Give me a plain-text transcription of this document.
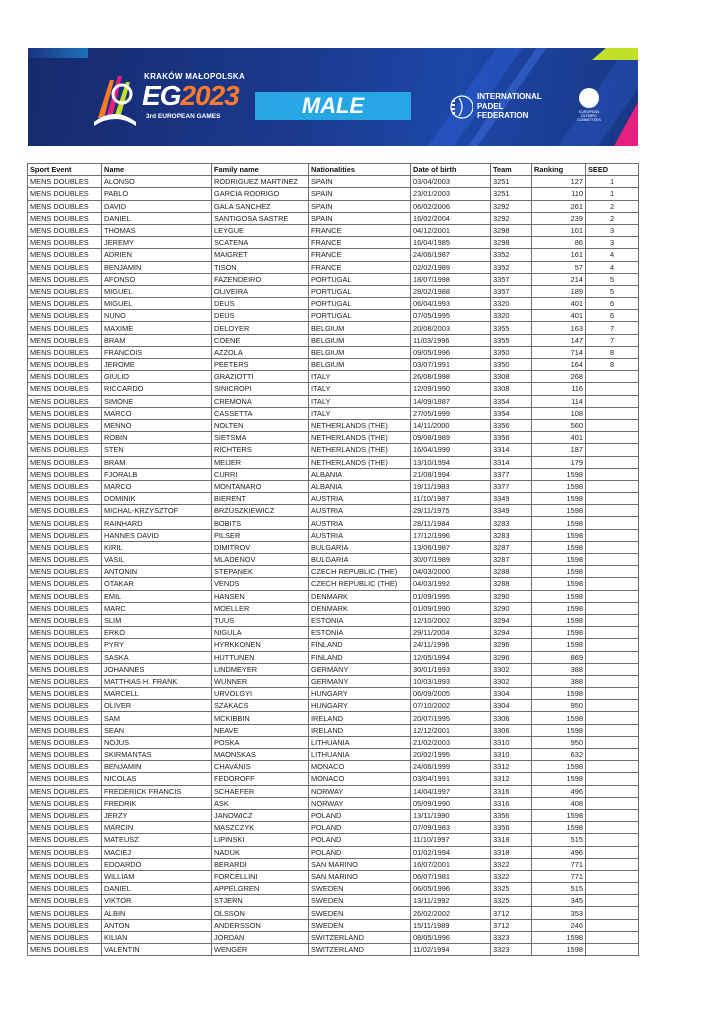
KRAKÓW MAŁOPOLSKA
EG2023
3rd EUROPEAN GAMES	MALE	INTERNATIONAL
PADEL
FEDERATION	EUROPEAN
OLYMPIC
COMMITTEES
Sport Event	Name	Family name	Nationalities	Date of birth	Team	Ranking	SEED
MENS DOUBLES	ALONSO	RODRIGUEZ MARTINEZ	SPAIN	03/04/2003	3251	127	1
MENS DOUBLES	PABLO	GARCIA RODRIGO	SPAIN	23/01/2003	3251	110	1
MENS DOUBLES	DAVID	GALA SANCHEZ	SPAIN	06/02/2006	3292	261	2
MENS DOUBLES	DANIEL	SANTIGOSA SASTRE	SPAIN	16/02/2004	3292	239	2
MENS DOUBLES	THOMAS	LEYGUE	FRANCE	04/12/2001	3298	101	3
MENS DOUBLES	JEREMY	SCATENA	FRANCE	16/04/1985	3298	86	3
MENS DOUBLES	ADRIEN	MAIGRET	FRANCE	24/06/1987	3352	161	4
MENS DOUBLES	BENJAMIN	TISON	FRANCE	02/02/1989	3352	57	4
MENS DOUBLES	AFONSO	FAZENDEIRO	PORTUGAL	18/07/1998	3357	214	5
MENS DOUBLES	MIGUEL	OLIVEIRA	PORTUGAL	28/02/1988	3357	189	5
MENS DOUBLES	MIGUEL	DEUS	PORTUGAL	06/04/1993	3320	401	6
MENS DOUBLES	NUNO	DEUS	PORTUGAL	07/05/1995	3320	401	6
MENS DOUBLES	MAXIME	DELOYER	BELGIUM	20/08/2003	3355	163	7
MENS DOUBLES	BRAM	COENE	BELGIUM	11/03/1996	3355	147	7
MENS DOUBLES	FRANCOIS	AZZOLA	BELGIUM	09/05/1996	3350	714	8
MENS DOUBLES	JEROME	PEETERS	BELGIUM	03/07/1991	3350	164	8
MENS DOUBLES	GIULIO	GRAZIOTTI	ITALY	26/08/1998	3308	268	
MENS DOUBLES	RICCARDO	SINICROPI	ITALY	12/09/1990	3308	116	
MENS DOUBLES	SIMONE	CREMONA	ITALY	14/09/1987	3354	114	
MENS DOUBLES	MARCO	CASSETTA	ITALY	27/05/1999	3354	108	
MENS DOUBLES	MENNO	NOLTEN	NETHERLANDS (THE)	14/11/2000	3356	560	
MENS DOUBLES	ROBIN	SIETSMA	NETHERLANDS (THE)	09/08/1989	3356	401	
MENS DOUBLES	STEN	RICHTERS	NETHERLANDS (THE)	16/04/1999	3314	187	
MENS DOUBLES	BRAM	MEIJER	NETHERLANDS (THE)	13/10/1994	3314	179	
MENS DOUBLES	FJORALB	CURRI	ALBANIA	21/08/1994	3377	1598	
MENS DOUBLES	MARCO	MONTANARO	ALBANIA	19/11/1983	3377	1598	
MENS DOUBLES	DOMINIK	BIERENT	AUSTRIA	11/10/1987	3349	1598	
MENS DOUBLES	MICHAL-KRZYSZTOF	BRZUSZKIEWICZ	AUSTRIA	29/11/1975	3349	1598	
MENS DOUBLES	RAINHARD	BOBITS	AUSTRIA	28/11/1984	3283	1598	
MENS DOUBLES	HANNES DAVID	PILSER	AUSTRIA	17/12/1996	3283	1598	
MENS DOUBLES	KIRIL	DIMITROV	BULGARIA	13/06/1987	3287	1598	
MENS DOUBLES	VASIL	MLADENOV	BULGARIA	30/07/1989	3287	1598	
MENS DOUBLES	ANTONIN	STEPANEK	CZECH REPUBLIC (THE)	04/03/2000	3288	1598	
MENS DOUBLES	OTAKAR	VENDS	CZECH REPUBLIC (THE)	04/03/1992	3288	1598	
MENS DOUBLES	EMIL	HANSEN	DENMARK	01/09/1995	3290	1598	
MENS DOUBLES	MARC	MOELLER	DENMARK	01/09/1990	3290	1598	
MENS DOUBLES	SLIM	TUUS	ESTONIA	12/10/2002	3294	1598	
MENS DOUBLES	ERKO	NIGULA	ESTONIA	29/11/2004	3294	1598	
MENS DOUBLES	PYRY	HYRKKONEN	FINLAND	24/11/1996	3296	1598	
MENS DOUBLES	SASKA	HUTTUNEN	FINLAND	12/05/1994	3296	869	
MENS DOUBLES	JOHANNES	LINDMEYER	GERMANY	30/01/1993	3302	388	
MENS DOUBLES	MATTHIAS H. FRANK	WUNNER	GERMANY	10/03/1993	3302	388	
MENS DOUBLES	MARCELL	URVOLGYI	HUNGARY	06/09/2005	3304	1598	
MENS DOUBLES	OLIVER	SZAKACS	HUNGARY	07/10/2002	3304	950	
MENS DOUBLES	SAM	MCKIBBIN	IRELAND	20/07/1995	3306	1598	
MENS DOUBLES	SEAN	NEAVE	IRELAND	12/12/2001	3306	1598	
MENS DOUBLES	NOJUS	POSKA	LITHUANIA	21/02/2003	3310	950	
MENS DOUBLES	SKIRMANTAS	MAONSKAS	LITHUANIA	20/02/1995	3310	632	
MENS DOUBLES	BENJAMIN	CHAVANIS	MONACO	24/06/1999	3312	1598	
MENS DOUBLES	NICOLAS	FEDOROFF	MONACO	03/04/1991	3312	1598	
MENS DOUBLES	FREDERICK FRANCIS	SCHAEFER	NORWAY	14/04/1997	3316	496	
MENS DOUBLES	FREDRIK	ASK	NORWAY	05/09/1990	3316	408	
MENS DOUBLES	JERZY	JANOWICZ	POLAND	13/11/1990	3356	1598	
MENS DOUBLES	MARCIN	MASZCZYK	POLAND	07/09/1983	3356	1598	
MENS DOUBLES	MATEUSZ	LIPINSKI	POLAND	11/10/1997	3318	515	
MENS DOUBLES	MACIEJ	NADUK	POLAND	01/02/1994	3318	496	
MENS DOUBLES	EDOARDO	BERARDI	SAN MARINO	16/07/2001	3322	771	
MENS DOUBLES	WILLIAM	FORCELLINI	SAN MARINO	06/07/1981	3322	771	
MENS DOUBLES	DANIEL	APPELGREN	SWEDEN	06/05/1996	3325	515	
MENS DOUBLES	VIKTOR	STJERN	SWEDEN	13/11/1992	3325	345	
MENS DOUBLES	ALBIN	OLSSON	SWEDEN	26/02/2002	3712	353	
MENS DOUBLES	ANTON	ANDERSSON	SWEDEN	15/11/1989	3712	246	
MENS DOUBLES	KILIAN	JORDAN	SWITZERLAND	08/05/1996	3323	1598	
MENS DOUBLES	VALENTIN	WENGER	SWITZERLAND	11/02/1994	3323	1598	
